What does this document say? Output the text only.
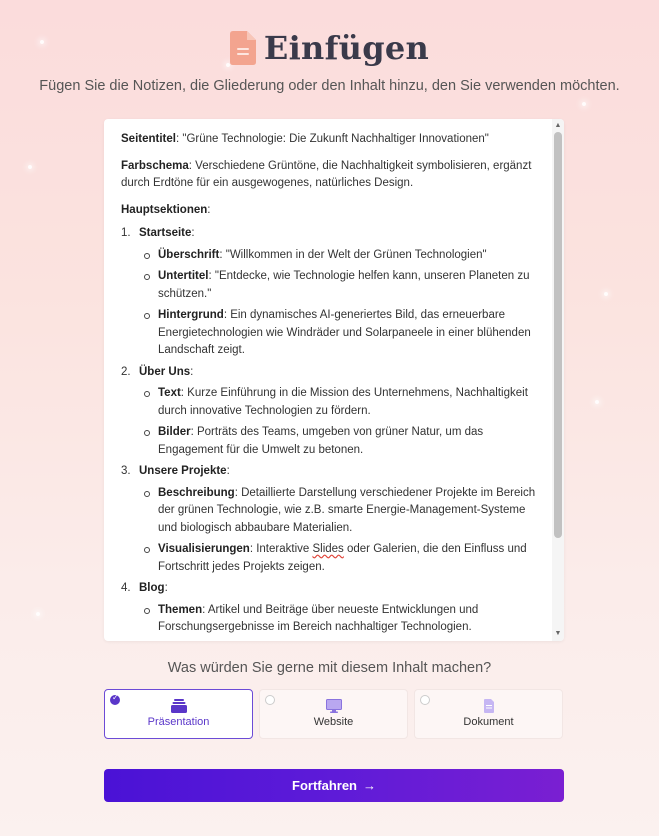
Einfügen
Fügen Sie die Notizen, die Gliederung oder den Inhalt hinzu, den Sie verwenden möchten.

Seitentitel: "Grüne Technologie: Die Zukunft Nachhaltiger Innovationen"

Farbschema: Verschiedene Grüntöne, die Nachhaltigkeit symbolisieren, ergänzt durch Erdtöne für ein ausgewogenes, natürliches Design.

Hauptsektionen:

1. Startseite:
Überschrift: "Willkommen in der Welt der Grünen Technologien"
Untertitel: "Entdecke, wie Technologie helfen kann, unseren Planeten zu schützen."
Hintergrund: Ein dynamisches AI-generiertes Bild, das erneuerbare Energietechnologien wie Windräder und Solarpaneele in einer blühenden Landschaft zeigt.
2. Über Uns:
Text: Kurze Einführung in die Mission des Unternehmens, Nachhaltigkeit durch innovative Technologien zu fördern.
Bilder: Porträts des Teams, umgeben von grüner Natur, um das Engagement für die Umwelt zu betonen.
3. Unsere Projekte:
Beschreibung: Detaillierte Darstellung verschiedener Projekte im Bereich der grünen Technologie, wie z.B. smarte Energie-Management-Systeme und biologisch abbaubare Materialien.
Visualisierungen: Interaktive Slides oder Galerien, die den Einfluss und Fortschritt jedes Projekts zeigen.
4. Blog:
Themen: Artikel und Beiträge über neueste Entwicklungen und Forschungsergebnisse im Bereich nachhaltiger Technologien.
▲
▼
Was würden Sie gerne mit diesem Inhalt machen?
✓
Präsentation	Website	Dokument
Fortfahren →
